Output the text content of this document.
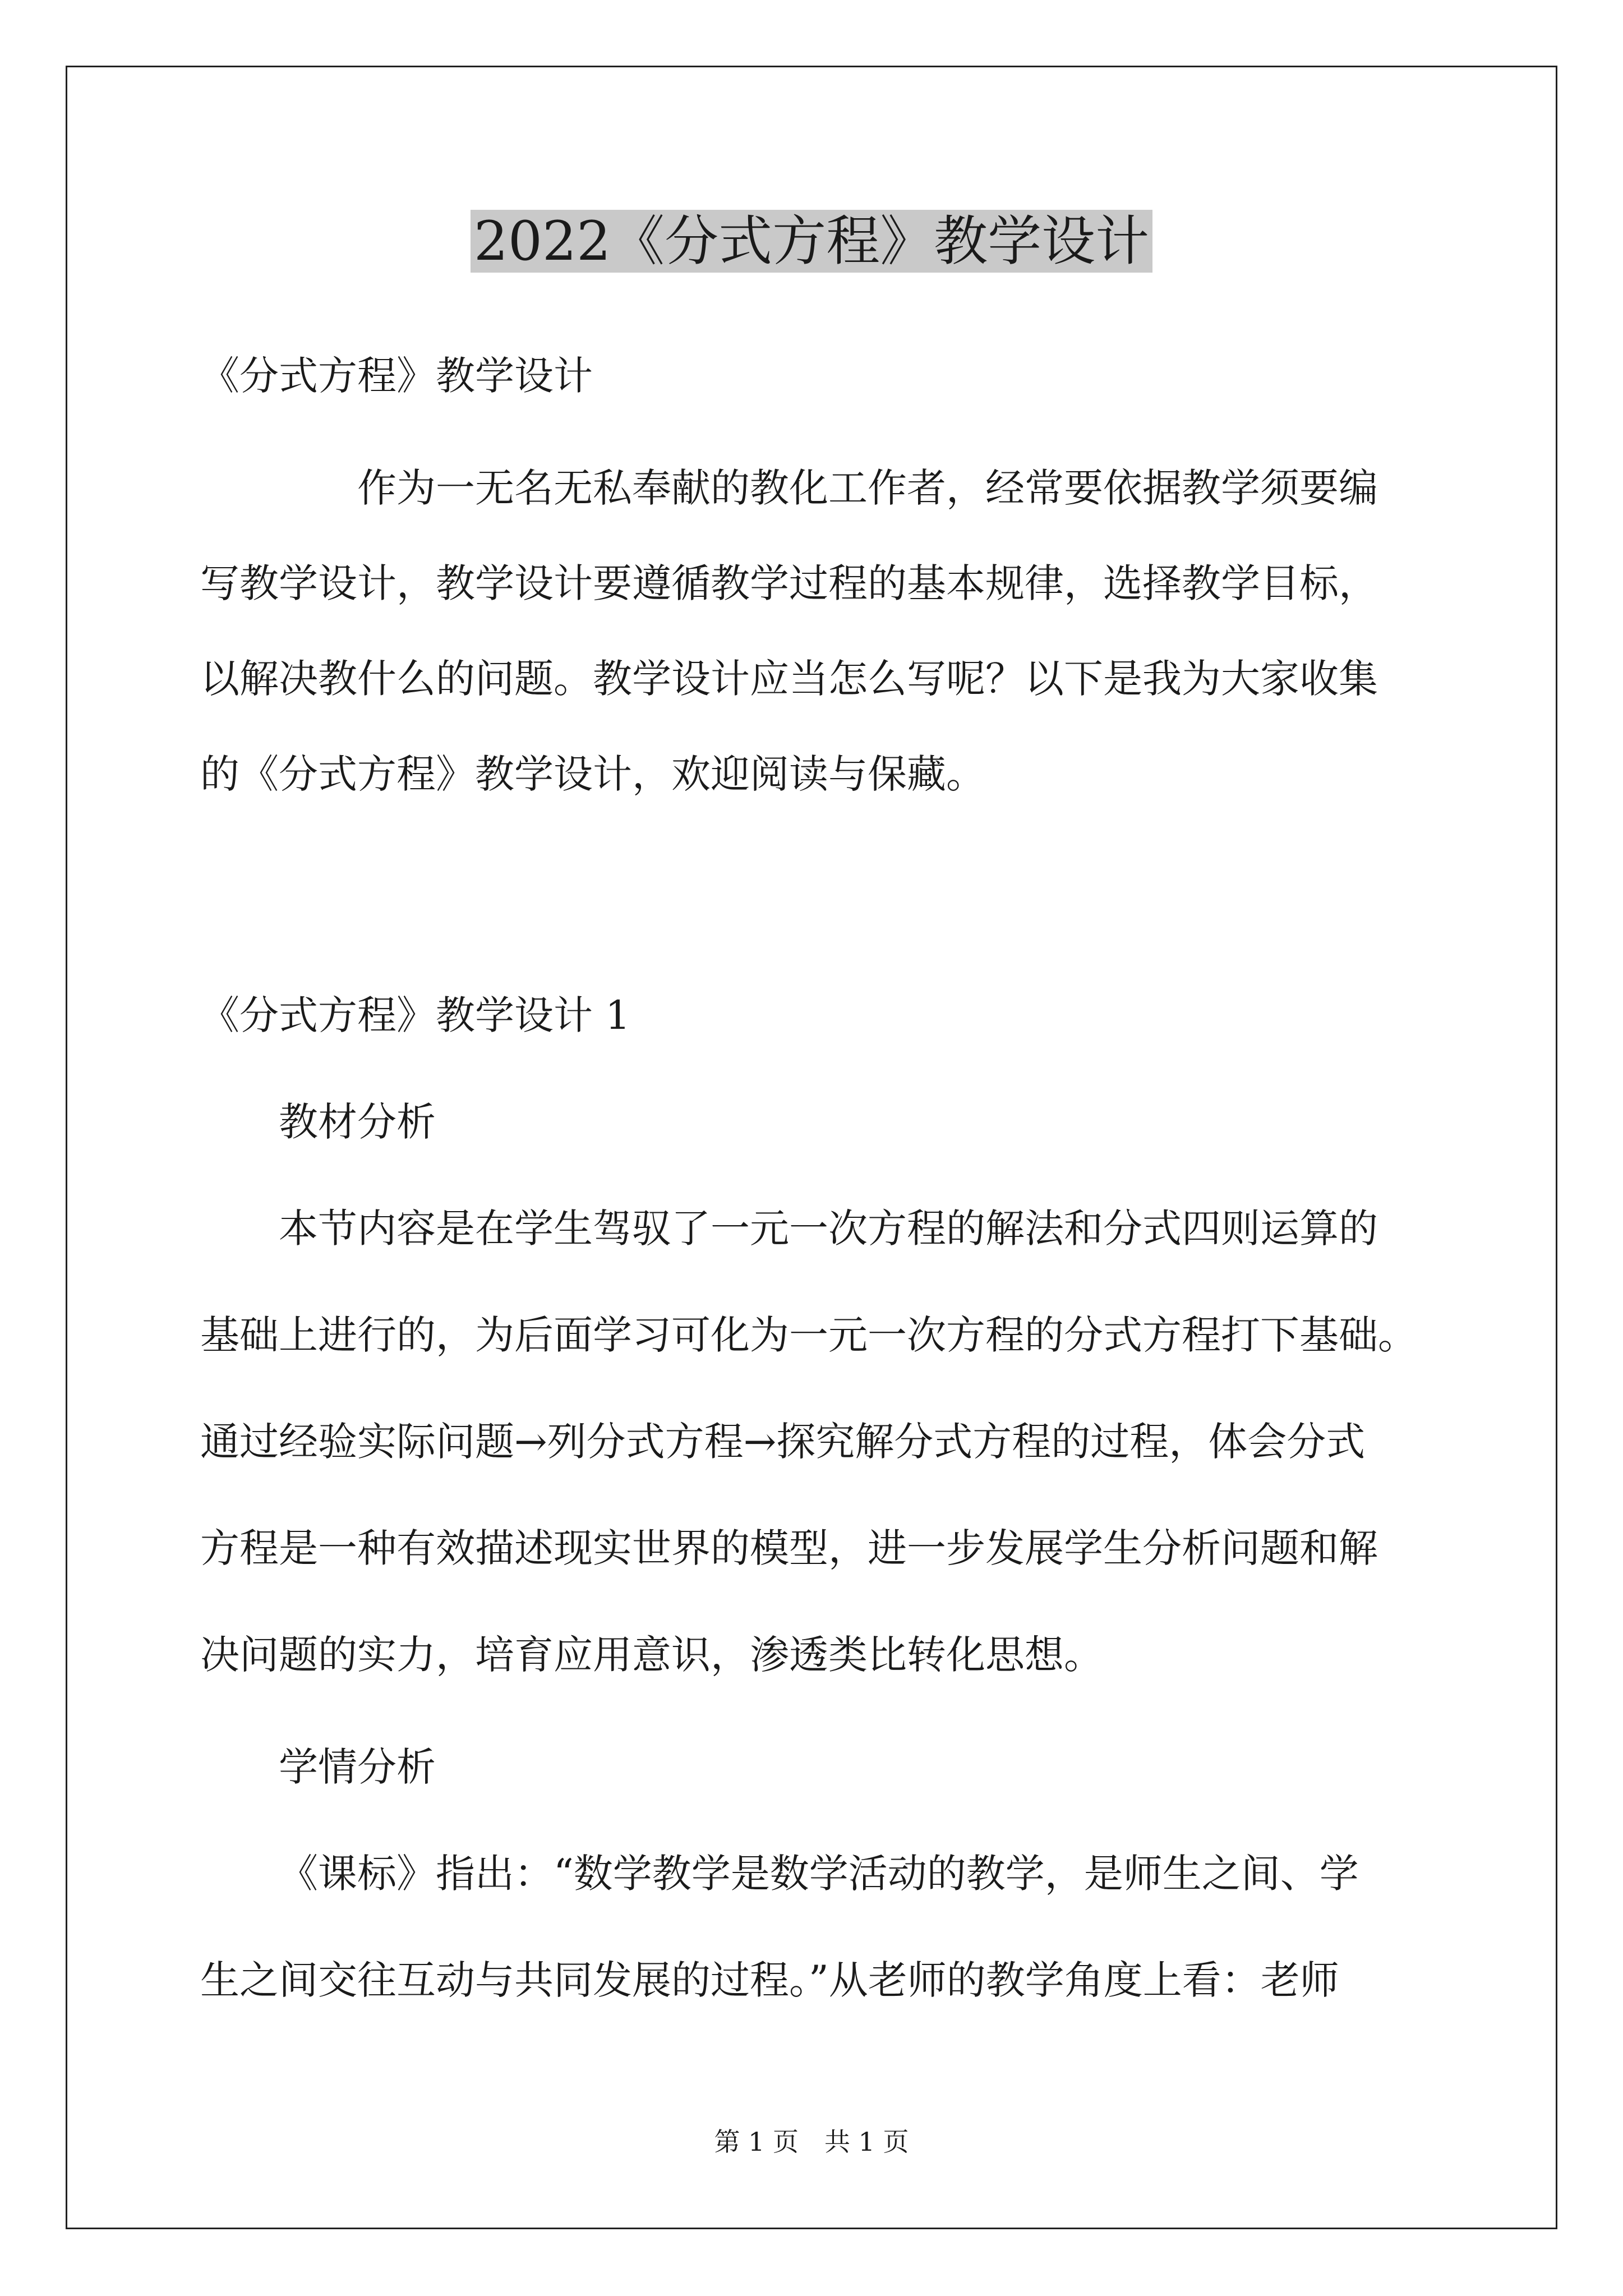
2022《分式方程》教学设计

《分式方程》教学设计

作为一无名无私奉献的教化工作者，经常要依据教学须要编
写教学设计，教学设计要遵循教学过程的基本规律，选择教学目标，
以解决教什么的问题。教学设计应当怎么写呢？以下是我为大家收集
的《分式方程》教学设计，欢迎阅读与保藏。

《分式方程》教学设计 1

教材分析

本节内容是在学生驾驭了一元一次方程的解法和分式四则运算的
基础上进行的，为后面学习可化为一元一次方程的分式方程打下基础。
通过经验实际问题→列分式方程→探究解分式方程的过程，体会分式
方程是一种有效描述现实世界的模型，进一步发展学生分析问题和解
决问题的实力，培育应用意识，渗透类比转化思想。

学情分析

《课标》指出：“数学教学是数学活动的教学，是师生之间、学
生之间交往互动与共同发展的过程。”从老师的教学角度上看：老师
第 1 页　共 1 页
